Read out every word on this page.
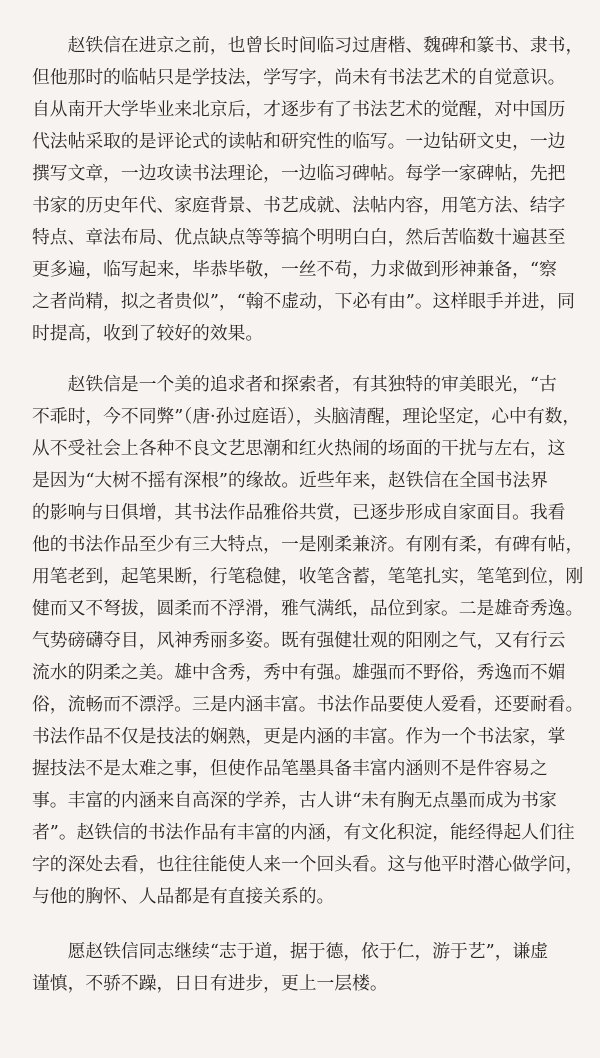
　　赵铁信在进京之前，也曾长时间临习过唐楷、魏碑和篆书、隶书，
但他那时的临帖只是学技法，学写字，尚未有书法艺术的自觉意识。
自从南开大学毕业来北京后，才逐步有了书法艺术的觉醒，对中国历
代法帖采取的是评论式的读帖和研究性的临写。一边钻研文史，一边
撰写文章，一边攻读书法理论，一边临习碑帖。每学一家碑帖，先把
书家的历史年代、家庭背景、书艺成就、法帖内容，用笔方法、结字
特点、章法布局、优点缺点等等搞个明明白白，然后苦临数十遍甚至
更多遍，临写起来，毕恭毕敬，一丝不苟，力求做到形神兼备，“察
之者尚精，拟之者贵似”，“翰不虚动，下必有由”。这样眼手并进，同
时提高，收到了较好的效果。
　　赵铁信是一个美的追求者和探索者，有其独特的审美眼光，“古
不乖时，今不同弊”（唐·孙过庭语），头脑清醒，理论坚定，心中有数，
从不受社会上各种不良文艺思潮和红火热闹的场面的干扰与左右，这
是因为“大树不摇有深根”的缘故。近些年来，赵铁信在全国书法界
的影响与日俱增，其书法作品雅俗共赏，已逐步形成自家面目。我看
他的书法作品至少有三大特点，一是刚柔兼济。有刚有柔，有碑有帖，
用笔老到，起笔果断，行笔稳健，收笔含蓄，笔笔扎实，笔笔到位，刚
健而又不弩拔，圆柔而不浮滑，雅气满纸，品位到家。二是雄奇秀逸。
气势磅礴夺目，风神秀丽多姿。既有强健壮观的阳刚之气，又有行云
流水的阴柔之美。雄中含秀，秀中有强。雄强而不野俗，秀逸而不媚
俗，流畅而不漂浮。三是内涵丰富。书法作品要使人爱看，还要耐看。
书法作品不仅是技法的娴熟，更是内涵的丰富。作为一个书法家，掌
握技法不是太难之事，但使作品笔墨具备丰富内涵则不是件容易之
事。丰富的内涵来自高深的学养，古人讲“未有胸无点墨而成为书家
者”。赵铁信的书法作品有丰富的内涵，有文化积淀，能经得起人们往
字的深处去看，也往往能使人来一个回头看。这与他平时潜心做学问，
与他的胸怀、人品都是有直接关系的。
　　愿赵铁信同志继续“志于道，据于德，依于仁，游于艺”，谦虚
谨慎，不骄不躁，日日有进步，更上一层楼。
